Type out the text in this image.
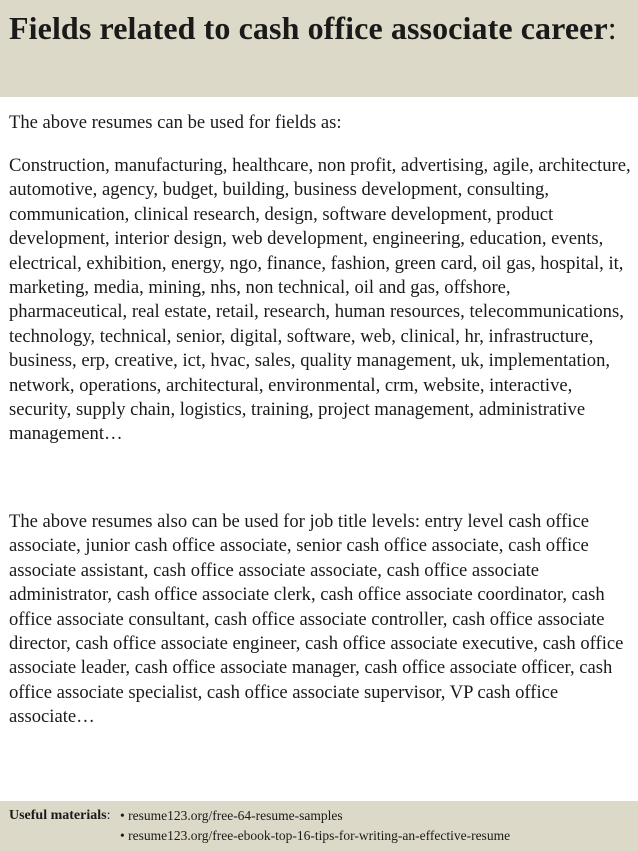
Fields related to cash office associate career:

The above resumes can be used for fields as:

Construction, manufacturing, healthcare, non profit, advertising, agile, architecture, automotive, agency, budget, building, business development, consulting, communication, clinical research, design, software development, product development, interior design, web development, engineering, education, events, electrical, exhibition, energy, ngo, finance, fashion, green card, oil gas, hospital, it, marketing, media, mining, nhs, non technical, oil and gas, offshore, pharmaceutical, real estate, retail, research, human resources, telecommunications, technology, technical, senior, digital, software, web, clinical, hr, infrastructure, business, erp, creative, ict, hvac, sales, quality management, uk, implementation, network, operations, architectural, environmental, crm, website, interactive, security, supply chain, logistics, training, project management, administrative management…

The above resumes also can be used for job title levels: entry level cash office associate, junior cash office associate, senior cash office associate, cash office associate assistant, cash office associate associate, cash office associate administrator, cash office associate clerk, cash office associate coordinator, cash office associate consultant, cash office associate controller, cash office associate director, cash office associate engineer, cash office associate executive, cash office associate leader, cash office associate manager, cash office associate officer, cash office associate specialist, cash office associate supervisor, VP cash office associate…

Useful materials: • resume123.org/free-64-resume-samples
• resume123.org/free-ebook-top-16-tips-for-writing-an-effective-resume
